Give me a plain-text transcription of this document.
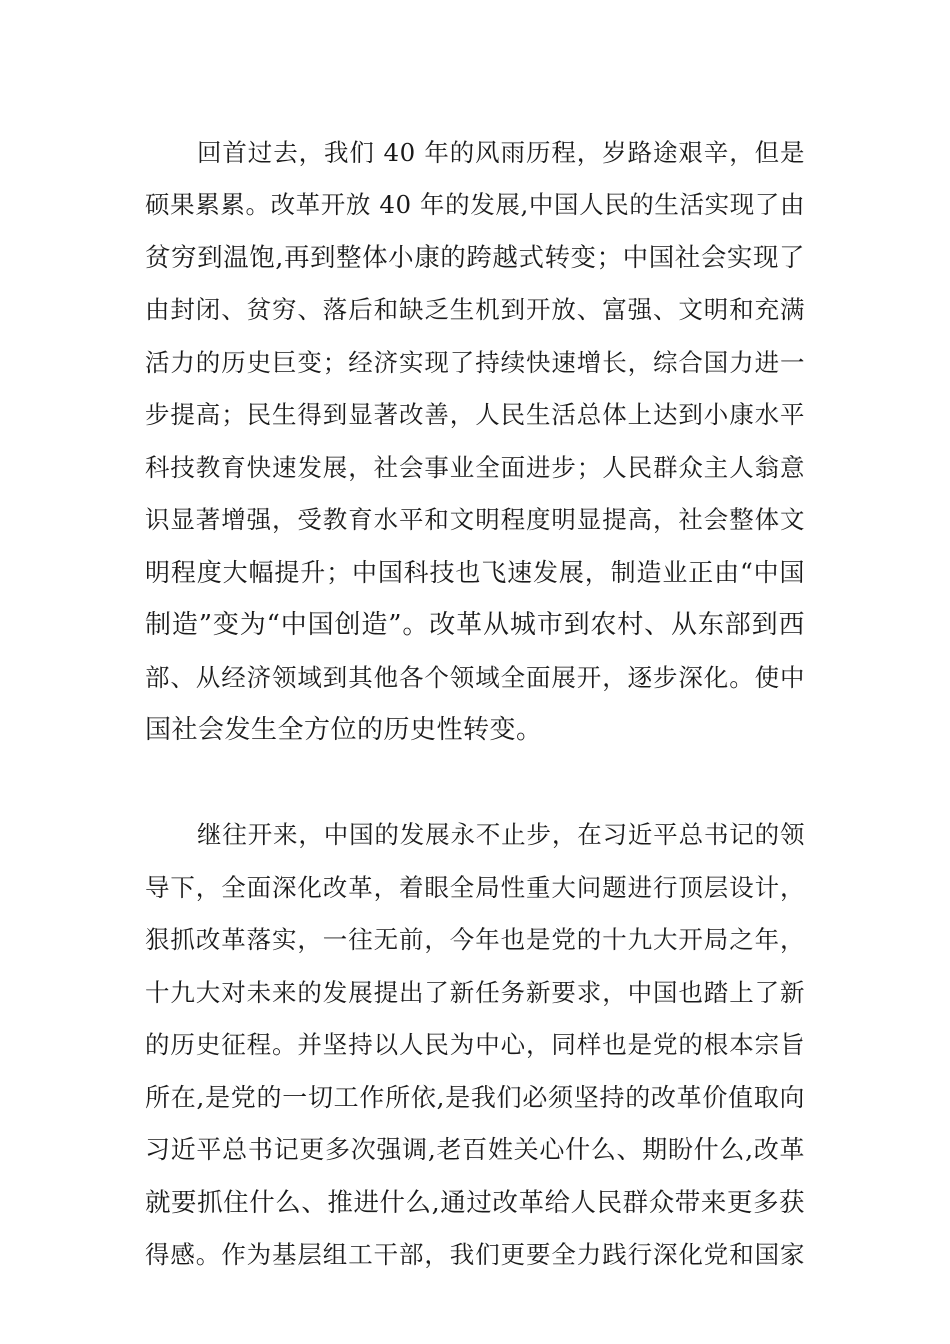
回首过去，我们 40 年的风雨历程，岁路途艰辛，但是
硕果累累。改革开放 40 年的发展,中国人民的生活实现了由
贫穷到温饱,再到整体小康的跨越式转变；中国社会实现了
由封闭、贫穷、落后和缺乏生机到开放、富强、文明和充满
活力的历史巨变；经济实现了持续快速增长，综合国力进一
步提高；民生得到显著改善，人民生活总体上达到小康水平
科技教育快速发展，社会事业全面进步；人民群众主人翁意
识显著增强，受教育水平和文明程度明显提高，社会整体文
明程度大幅提升；中国科技也飞速发展，制造业正由“中国
制造”变为“中国创造”。改革从城市到农村、从东部到西
部、从经济领域到其他各个领域全面展开，逐步深化。使中
国社会发生全方位的历史性转变。
继往开来，中国的发展永不止步，在习近平总书记的领
导下，全面深化改革，着眼全局性重大问题进行顶层设计，
狠抓改革落实，一往无前，今年也是党的十九大开局之年，
十九大对未来的发展提出了新任务新要求，中国也踏上了新
的历史征程。并坚持以人民为中心，同样也是党的根本宗旨
所在,是党的一切工作所依,是我们必须坚持的改革价值取向
习近平总书记更多次强调,老百姓关心什么、期盼什么,改革
就要抓住什么、推进什么,通过改革给人民群众带来更多获
得感。作为基层组工干部，我们更要全力践行深化党和国家
